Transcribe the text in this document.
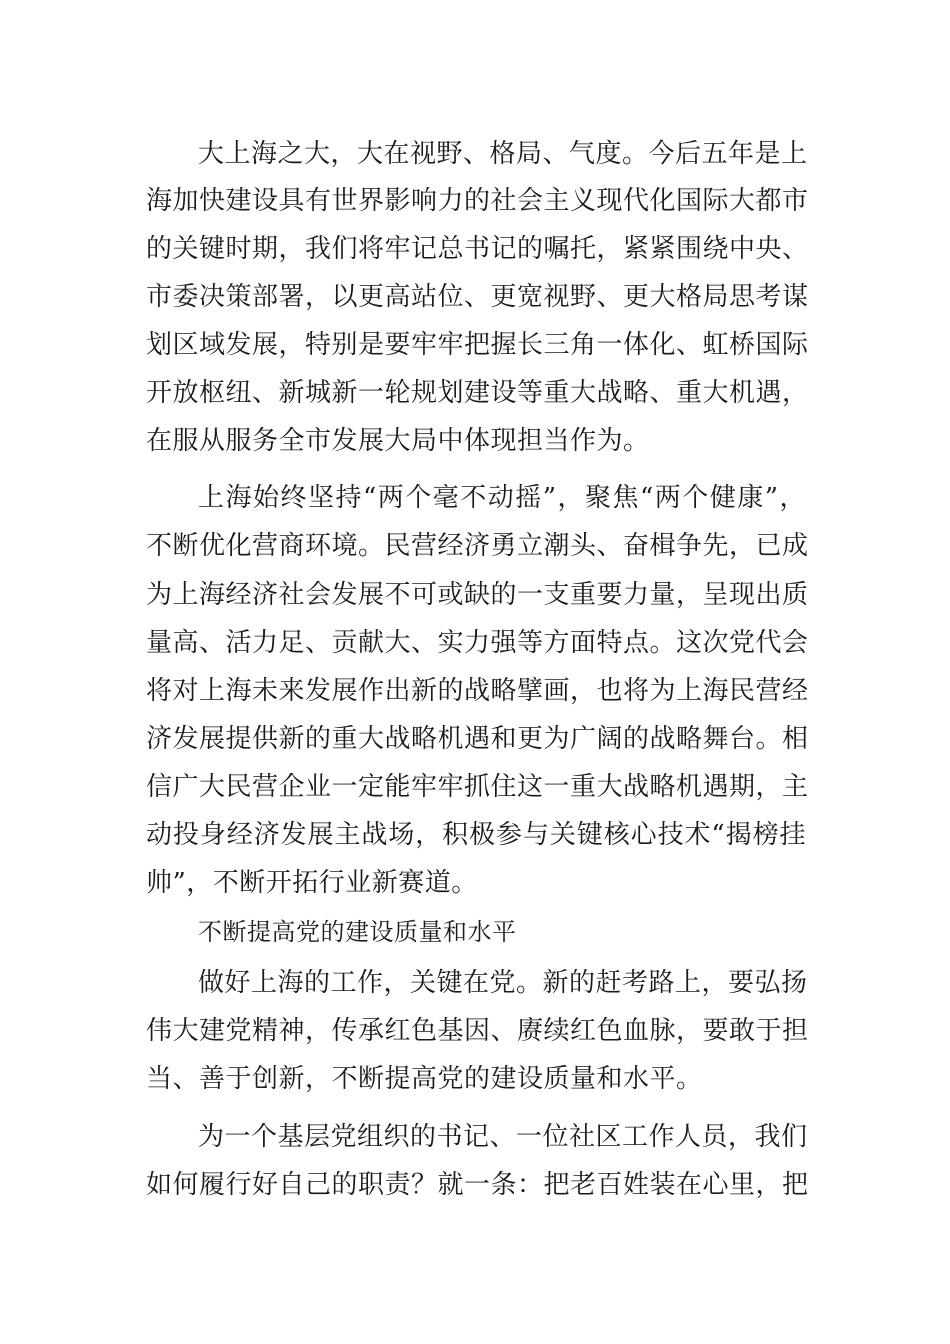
大上海之大，大在视野、格局、气度。今后五年是上
海加快建设具有世界影响力的社会主义现代化国际大都市
的关键时期，我们将牢记总书记的嘱托，紧紧围绕中央、
市委决策部署，以更高站位、更宽视野、更大格局思考谋
划区域发展，特别是要牢牢把握长三角一体化、虹桥国际
开放枢纽、新城新一轮规划建设等重大战略、重大机遇，
在服从服务全市发展大局中体现担当作为。
上海始终坚持“两个毫不动摇”，聚焦“两个健康”，
不断优化营商环境。民营经济勇立潮头、奋楫争先，已成
为上海经济社会发展不可或缺的一支重要力量，呈现出质
量高、活力足、贡献大、实力强等方面特点。这次党代会
将对上海未来发展作出新的战略擘画，也将为上海民营经
济发展提供新的重大战略机遇和更为广阔的战略舞台。相
信广大民营企业一定能牢牢抓住这一重大战略机遇期，主
动投身经济发展主战场，积极参与关键核心技术“揭榜挂
帅”，不断开拓行业新赛道。
不断提高党的建设质量和水平
做好上海的工作，关键在党。新的赶考路上，要弘扬
伟大建党精神，传承红色基因、赓续红色血脉，要敢于担
当、善于创新，不断提高党的建设质量和水平。
为一个基层党组织的书记、一位社区工作人员，我们
如何履行好自己的职责？就一条：把老百姓装在心里，把
